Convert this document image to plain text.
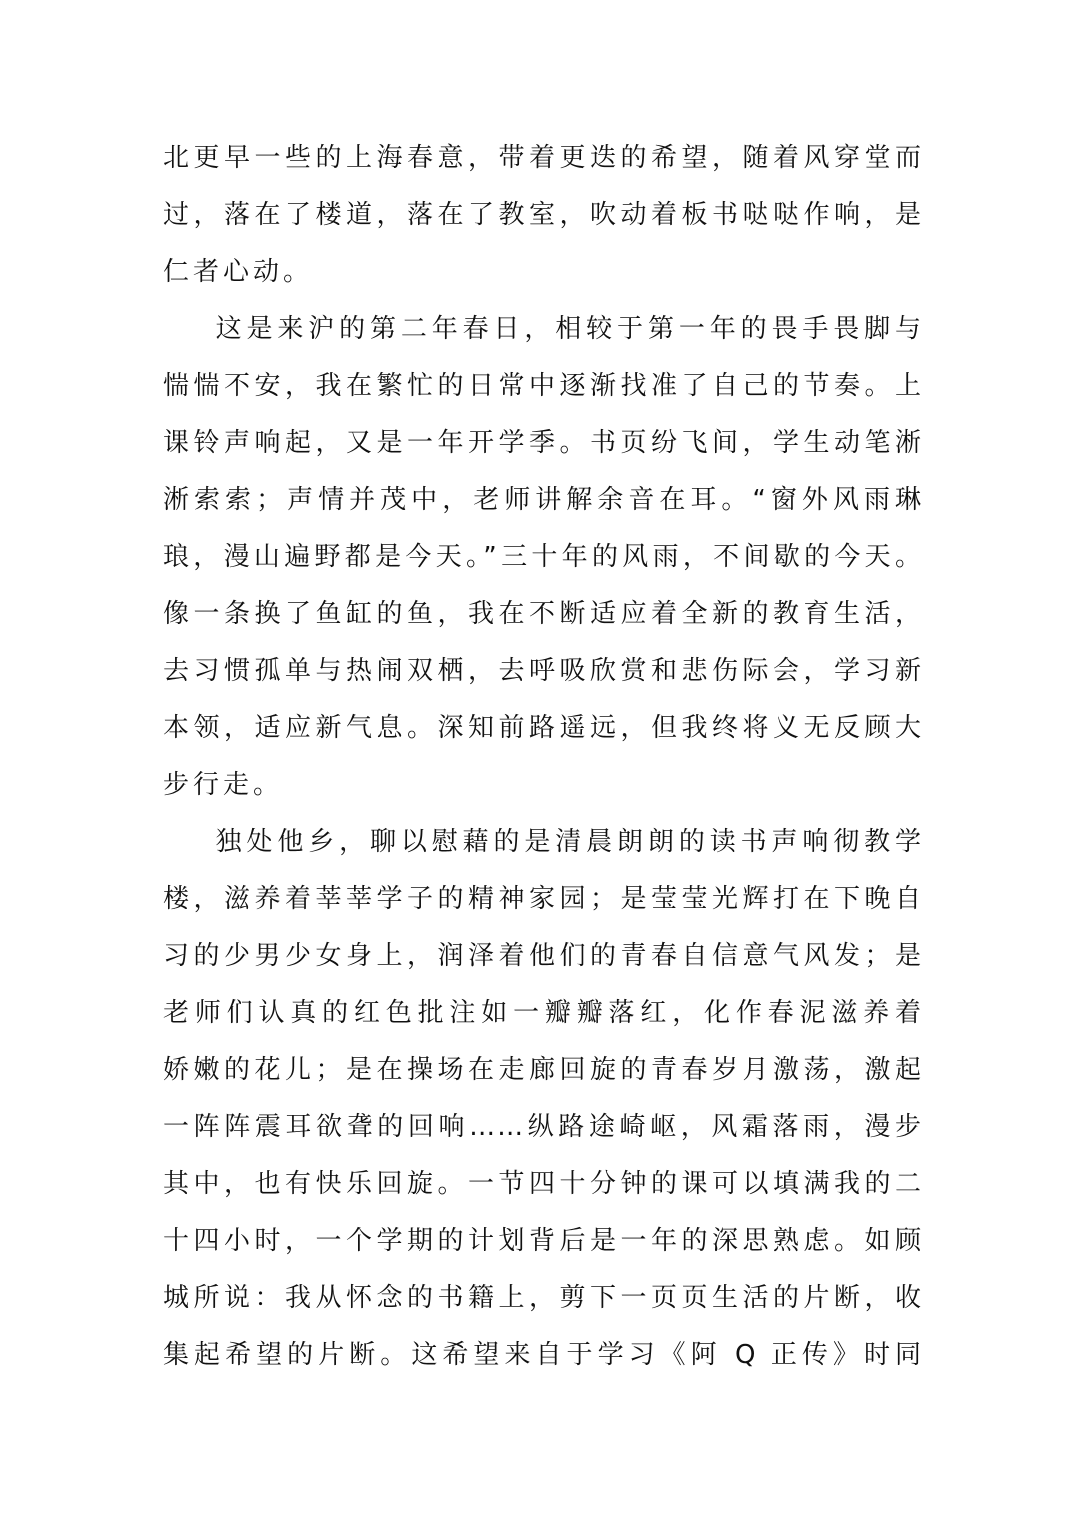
北更早一些的上海春意，带着更迭的希望，随着风穿堂而
过，落在了楼道，落在了教室，吹动着板书哒哒作响，是
仁者心动。
这是来沪的第二年春日，相较于第一年的畏手畏脚与
惴惴不安，我在繁忙的日常中逐渐找准了自己的节奏。上
课铃声响起，又是一年开学季。书页纷飞间，学生动笔淅
淅索索；声情并茂中，老师讲解余音在耳。“窗外风雨琳
琅，漫山遍野都是今天。”三十年的风雨，不间歇的今天。
像一条换了鱼缸的鱼，我在不断适应着全新的教育生活，
去习惯孤单与热闹双栖，去呼吸欣赏和悲伤际会，学习新
本领，适应新气息。深知前路遥远，但我终将义无反顾大
步行走。
独处他乡，聊以慰藉的是清晨朗朗的读书声响彻教学
楼，滋养着莘莘学子的精神家园；是莹莹光辉打在下晚自
习的少男少女身上，润泽着他们的青春自信意气风发；是
老师们认真的红色批注如一瓣瓣落红，化作春泥滋养着
娇嫩的花儿；是在操场在走廊回旋的青春岁月激荡，激起
一阵阵震耳欲聋的回响……纵路途崎岖，风霜落雨，漫步
其中，也有快乐回旋。一节四十分钟的课可以填满我的二
十四小时，一个学期的计划背后是一年的深思熟虑。如顾
城所说：我从怀念的书籍上，剪下一页页生活的片断，收
集起希望的片断。这希望来自于学习《阿 Q 正传》时同
